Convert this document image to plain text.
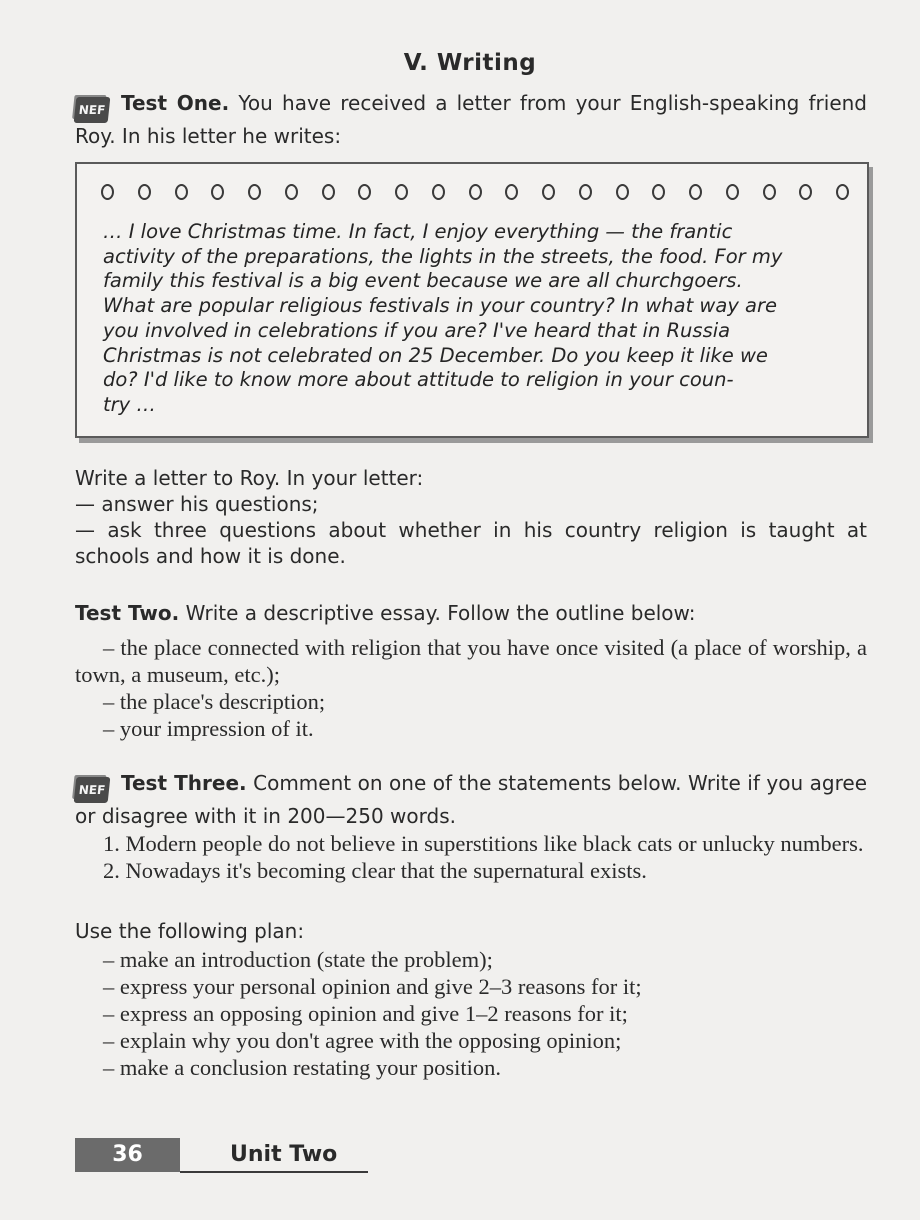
V. Writing
NEF Test One. You have received a letter from your English-speaking friend Roy. In his letter he writes:
… I love Christmas time. In fact, I enjoy everything — the frantic
activity of the preparations, the lights in the streets, the food. For my
family this festival is a big event because we are all churchgoers.
What are popular religious festivals in your country? In what way are
you involved in celebrations if you are? I've heard that in Russia
Christmas is not celebrated on 25 December. Do you keep it like we
do? I'd like to know more about attitude to religion in your coun-
try …
Write a letter to Roy. In your letter:
— answer his questions;
— ask three questions about whether in his country religion is taught at schools and how it is done.
Test Two. Write a descriptive essay. Follow the outline below:
– the place connected with religion that you have once visited (a place of worship, a town, a museum, etc.);
– the place's description;
– your impression of it.
NEF Test Three. Comment on one of the statements below. Write if you agree or disagree with it in 200—250 words.
1. Modern people do not believe in superstitions like black cats or unlucky numbers.
2. Nowadays it's becoming clear that the supernatural exists.
Use the following plan:
– make an introduction (state the problem);
– express your personal opinion and give 2–3 reasons for it;
– express an opposing opinion and give 1–2 reasons for it;
– explain why you don't agree with the opposing opinion;
– make a conclusion restating your position.
36	Unit Two
